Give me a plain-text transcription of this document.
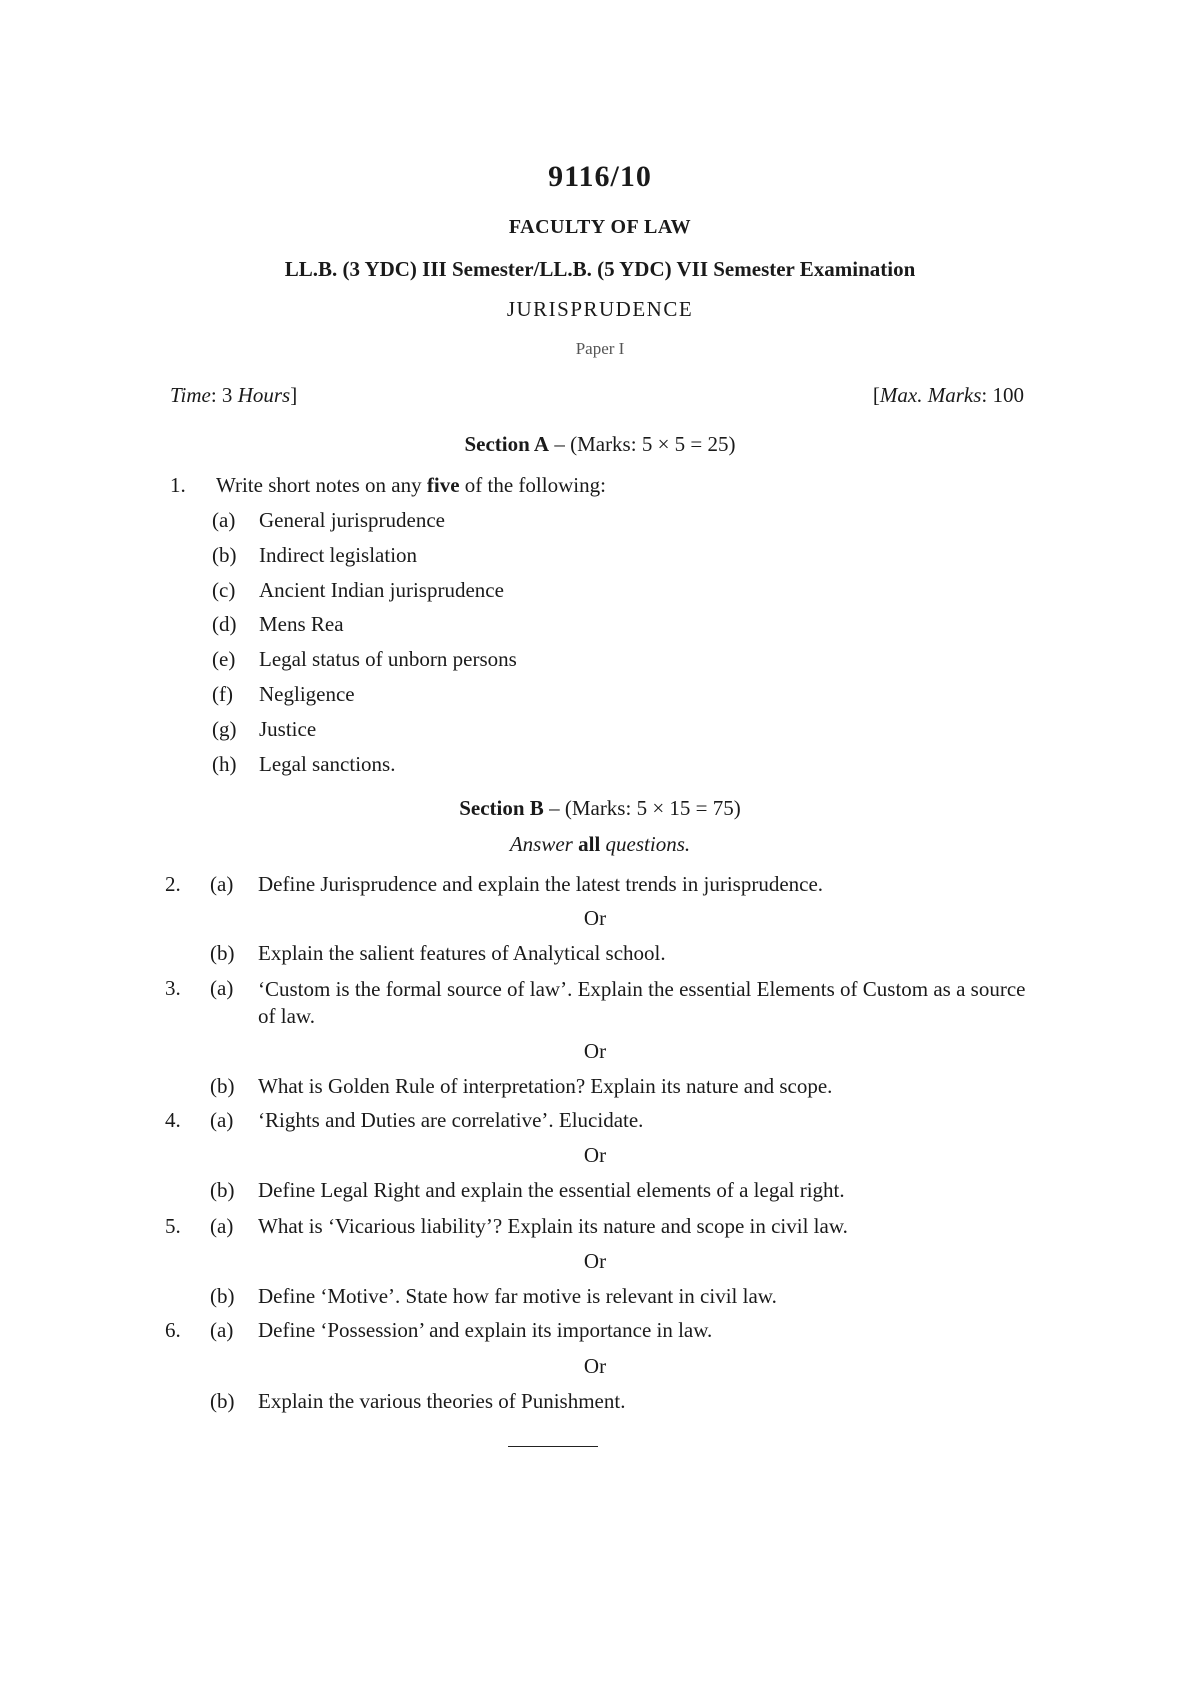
9116/10
FACULTY OF LAW
LL.B. (3 YDC) III Semester/LL.B. (5 YDC) VII Semester Examination
JURISPRUDENCE
Paper I
Time: 3 Hours]	[Max. Marks: 100
Section A – (Marks: 5 × 5 = 25)
1. Write short notes on any five of the following:
(a) General jurisprudence
(b) Indirect legislation
(c) Ancient Indian jurisprudence
(d) Mens Rea
(e) Legal status of unborn persons
(f) Negligence
(g) Justice
(h) Legal sanctions.
Section B – (Marks: 5 × 15 = 75)
Answer all questions.
2. (a) Define Jurisprudence and explain the latest trends in jurisprudence.
Or
(b) Explain the salient features of Analytical school.
3. (a) ‘Custom is the formal source of law’. Explain the essential Elements of Custom as a source of law.
Or
(b) What is Golden Rule of interpretation? Explain its nature and scope.
4. (a) ‘Rights and Duties are correlative’. Elucidate.
Or
(b) Define Legal Right and explain the essential elements of a legal right.
5. (a) What is ‘Vicarious liability’? Explain its nature and scope in civil law.
Or
(b) Define ‘Motive’. State how far motive is relevant in civil law.
6. (a) Define ‘Possession’ and explain its importance in law.
Or
(b) Explain the various theories of Punishment.
